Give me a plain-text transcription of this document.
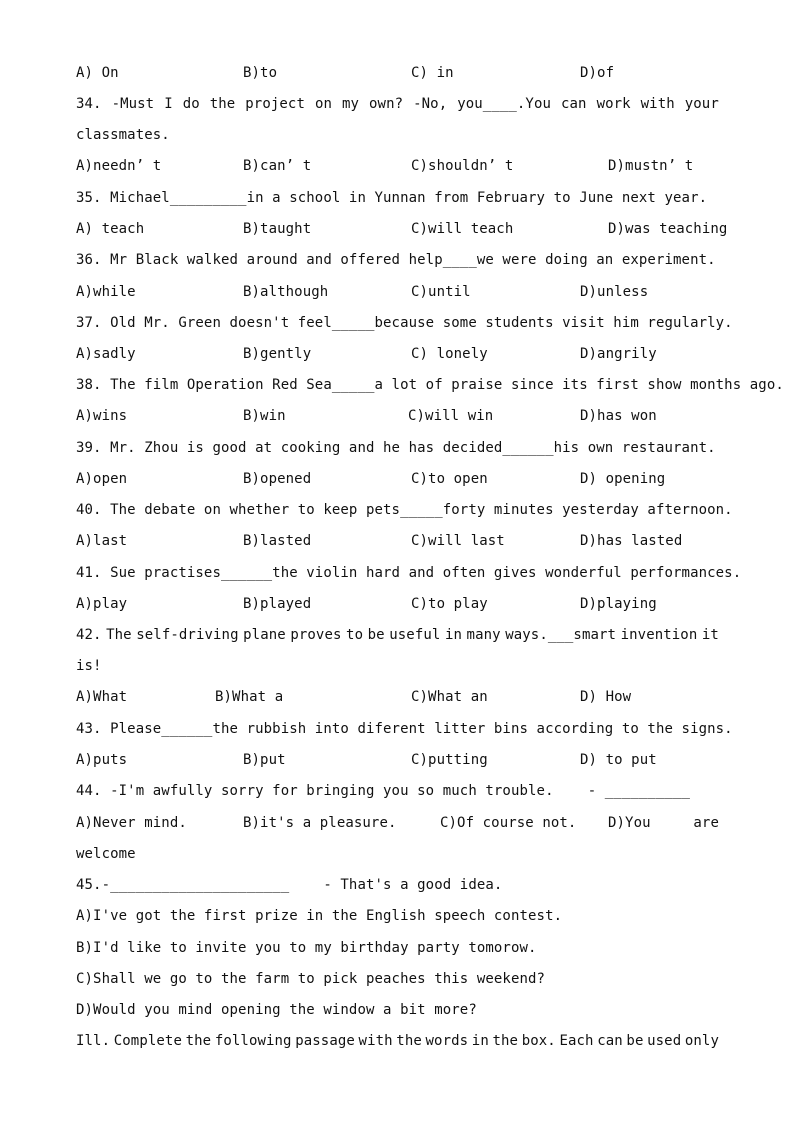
A) On	B)to	C) in	D)of
34. -Must I do the project on my own? -No, you____.You can work with your
classmates.
A)needn’ t	B)can’ t	C)shouldn’ t	D)mustn’ t
35. Michael_________in a school in Yunnan from February to June next year.
A) teach	B)taught	C)will teach	D)was teaching
36. Mr Black walked around and offered help____we were doing an experiment.
A)while	B)although	C)until	D)unless
37. Old Mr. Green doesn't feel_____because some students visit him regularly.
A)sadly	B)gently	C) lonely	D)angrily
38. The film Operation Red Sea_____a lot of praise since its first show months ago.
A)wins	B)win	C)will win	D)has won
39. Mr. Zhou is good at cooking and he has decided______his own restaurant.
A)open	B)opened	C)to open	D) opening
40. The debate on whether to keep pets_____forty minutes yesterday afternoon.
A)last	B)lasted	C)will last	D)has lasted
41. Sue practises______the violin hard and often gives wonderful performances.
A)play	B)played	C)to play	D)playing
42. The self-driving plane proves to be useful in many ways.___smart invention it
is!
A)What	B)What a	C)What an	D) How
43. Please______the rubbish into diferent litter bins according to the signs.
A)puts	B)put	C)putting	D) to put
44. -I'm awfully sorry for bringing you so much trouble.    - __________
A)Never mind.	B)it's a pleasure.	C)Of course not. D)You	are
welcome
45.-_____________________    - That's a good idea.
A)I've got the first prize in the English speech contest.
B)I'd like to invite you to my birthday party tomorow.
C)Shall we go to the farm to pick peaches this weekend?
D)Would you mind opening the window a bit more?
Ill. Complete the following passage with the words in the box. Each can be used only
